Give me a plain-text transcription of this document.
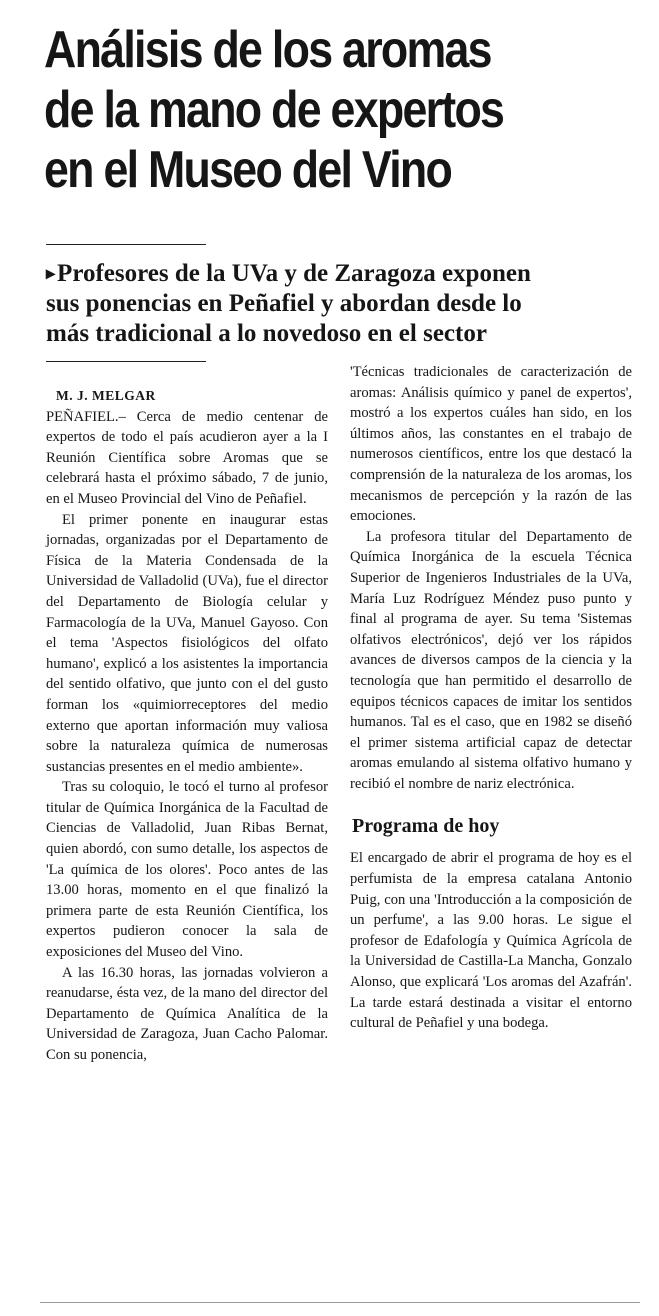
Análisis de los aromas
de la mano de expertos
en el Museo del Vino
▸Profesores de la UVa y de Zaragoza exponen
sus ponencias en Peñafiel y abordan desde lo
más tradicional a lo novedoso en el sector

M. J. MELGAR

PEÑAFIEL.– Cerca de medio centenar de expertos de todo el país acudieron ayer a la I Reunión Científica sobre Aromas que se celebrará hasta el próximo sábado, 7 de junio, en el Museo Provincial del Vino de Peñafiel.

El primer ponente en inaugurar estas jornadas, organizadas por el Departamento de Física de la Materia Condensada de la Universidad de Valladolid (UVa), fue el director del Departamento de Biología celular y Farmacología de la UVa, Manuel Gayoso. Con el tema 'Aspectos fisiológicos del olfato humano', explicó a los asistentes la importancia del sentido olfativo, que junto con el del gusto forman los «quimiorreceptores del medio externo que aportan información muy valiosa sobre la naturaleza química de numerosas sustancias presentes en el medio ambiente».

Tras su coloquio, le tocó el turno al profesor titular de Química Inorgánica de la Facultad de Ciencias de Valladolid, Juan Ribas Bernat, quien abordó, con sumo detalle, los aspectos de 'La química de los olores'. Poco antes de las 13.00 horas, momento en el que finalizó la primera parte de esta Reunión Científica, los expertos pudieron conocer la sala de exposiciones del Museo del Vino.

A las 16.30 horas, las jornadas volvieron a reanudarse, ésta vez, de la mano del director del Departamento de Química Analítica de la Universidad de Zaragoza, Juan Cacho Palomar. Con su ponencia,

'Técnicas tradicionales de caracterización de aromas: Análisis químico y panel de expertos', mostró a los expertos cuáles han sido, en los últimos años, las constantes en el trabajo de numerosos científicos, entre los que destacó la comprensión de la naturaleza de los aromas, los mecanismos de percepción y la razón de las emociones.

La profesora titular del Departamento de Química Inorgánica de la escuela Técnica Superior de Ingenieros Industriales de la UVa, María Luz Rodríguez Méndez puso punto y final al programa de ayer. Su tema 'Sistemas olfativos electrónicos', dejó ver los rápidos avances de diversos campos de la ciencia y la tecnología que han permitido el desarrollo de equipos técnicos capaces de imitar los sentidos humanos. Tal es el caso, que en 1982 se diseñó el primer sistema artificial capaz de detectar aromas emulando al sistema olfativo humano y recibió el nombre de nariz electrónica.

Programa de hoy

El encargado de abrir el programa de hoy es el perfumista de la empresa catalana Antonio Puig, con una 'Introducción a la composición de un perfume', a las 9.00 horas. Le sigue el profesor de Edafología y Química Agrícola de la Universidad de Castilla-La Mancha, Gonzalo Alonso, que explicará 'Los aromas del Azafrán'. La tarde estará destinada a visitar el entorno cultural de Peñafiel y una bodega.
